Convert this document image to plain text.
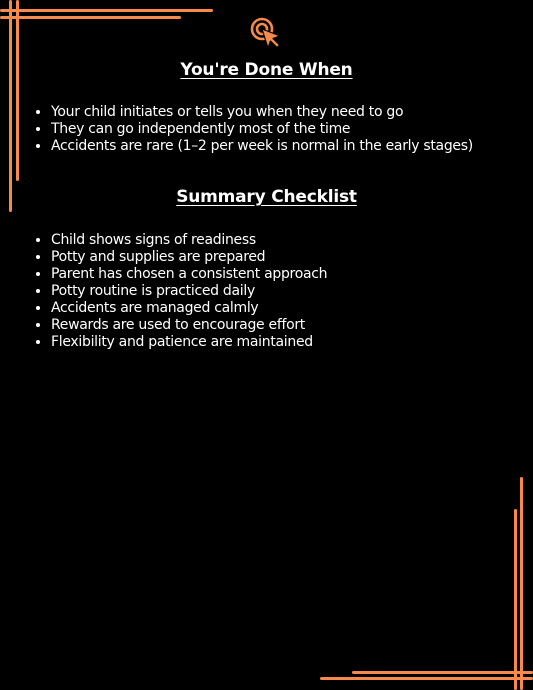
You're Done When
• Your child initiates or tells you when they need to go
• They can go independently most of the time
• Accidents are rare (1–2 per week is normal in the early stages)
Summary Checklist
• Child shows signs of readiness
• Potty and supplies are prepared
• Parent has chosen a consistent approach
• Potty routine is practiced daily
• Accidents are managed calmly
• Rewards are used to encourage effort
• Flexibility and patience are maintained
